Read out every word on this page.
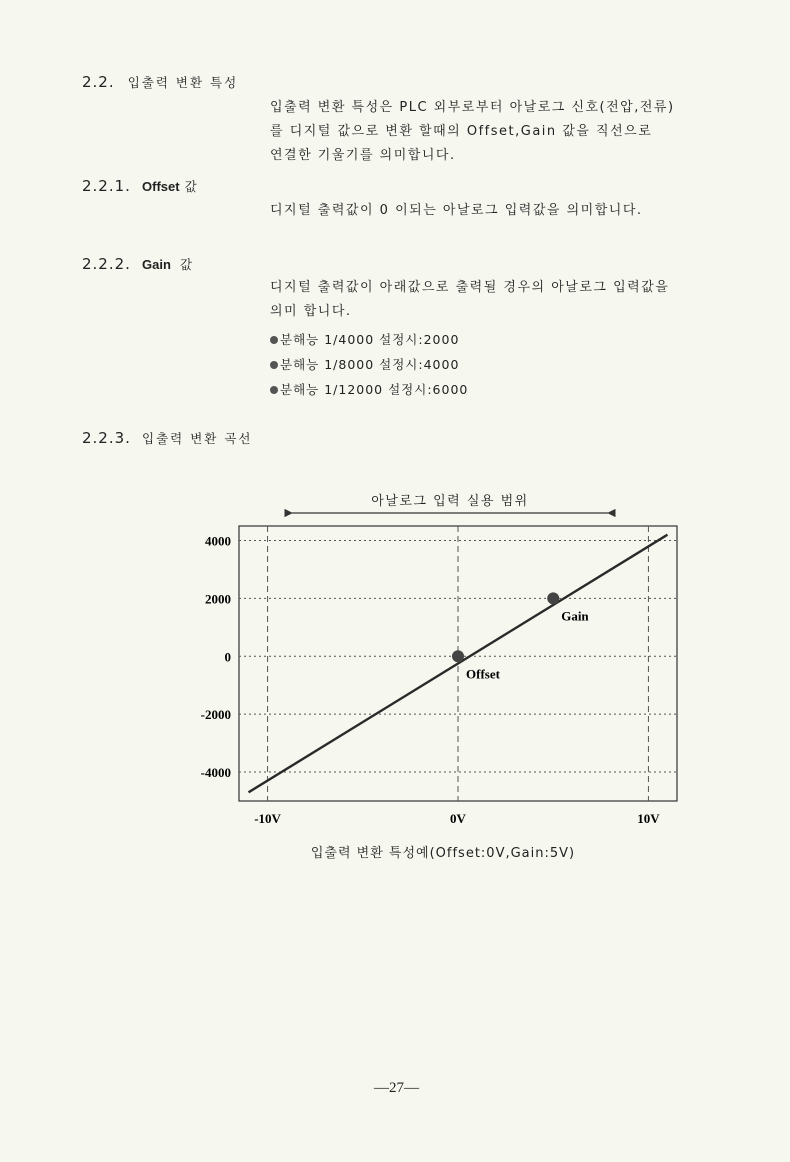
2.2. 입출력 변환 특성
입출력 변환 특성은 PLC 외부로부터 아날로그 신호(전압,전류)
를 디지털 값으로 변환 할때의 Offset,Gain 값을 직선으로
연결한 기울기를 의미합니다.
2.2.1. Offset 값
디지털 출력값이 0 이되는 아날로그 입력값을 의미합니다.
2.2.2. Gain 값
디지털 출력값이 아래값으로 출력될 경우의 아날로그 입력값을
의미 합니다.
분해능 1/4000 설정시:2000
분해능 1/8000 설정시:4000
분해능 1/12000 설정시:6000
2.2.3. 입출력 변환 곡선
아날로그 입력 실용 범위
4000
2000
0
-2000
-4000
-10V	0V	10V
Offset
Gain
입출력 변환 특성예(Offset:0V,Gain:5V)
—27—
